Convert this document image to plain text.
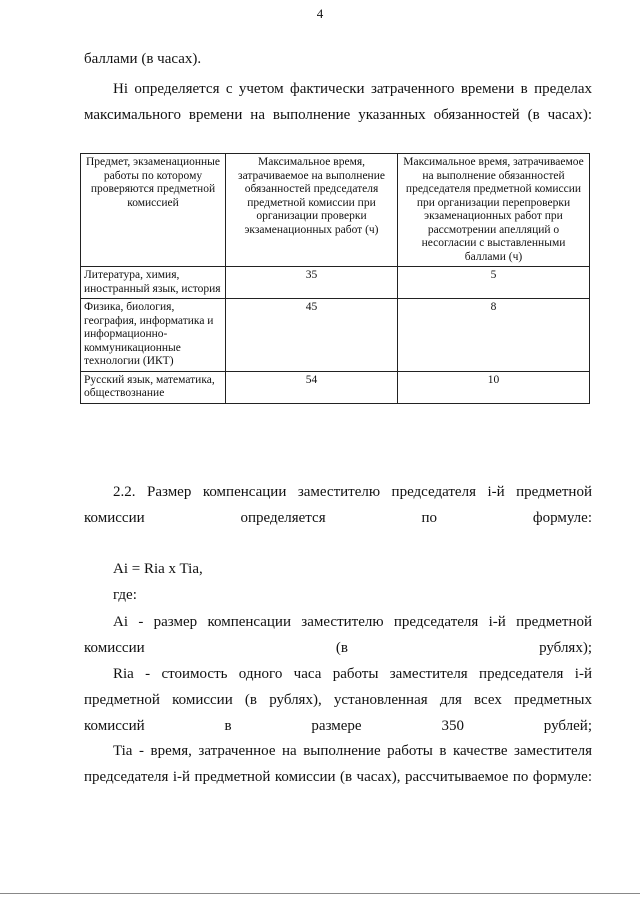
4

баллами (в часах).

Hi определяется с учетом фактически затраченного времени в пределах максимального времени на выполнение указанных обязанностей (в часах):

Предмет, экзаменационные работы по которому проверяются предметной комиссией	Максимальное время, затрачиваемое на выполнение обязанностей председателя предметной комиссии при организации проверки экзаменационных работ (ч)	Максимальное время, затрачиваемое на выполнение обязанностей председателя предметной комиссии при организации перепроверки экзаменационных работ при рассмотрении апелляций о несогласии с выставленными баллами (ч)
Литература, химия, иностранный язык, история	35	5
Физика, биология, география, информатика и информационно-коммуникационные технологии (ИКТ)	45	8
Русский язык, математика, обществознание	54	10

2.2. Размер компенсации заместителю председателя i-й предметной комиссии определяется по формуле:

Ai = Ria x Tia,

где:

Ai - размер компенсации заместителю председателя i-й предметной комиссии (в рублях);

Ria - стоимость одного часа работы заместителя председателя i-й предметной комиссии (в рублях), установленная для всех предметных комиссий в размере 350 рублей;

Tia - время, затраченное на выполнение работы в качестве заместителя председателя i-й предметной комиссии (в часах), рассчитываемое по формуле:
